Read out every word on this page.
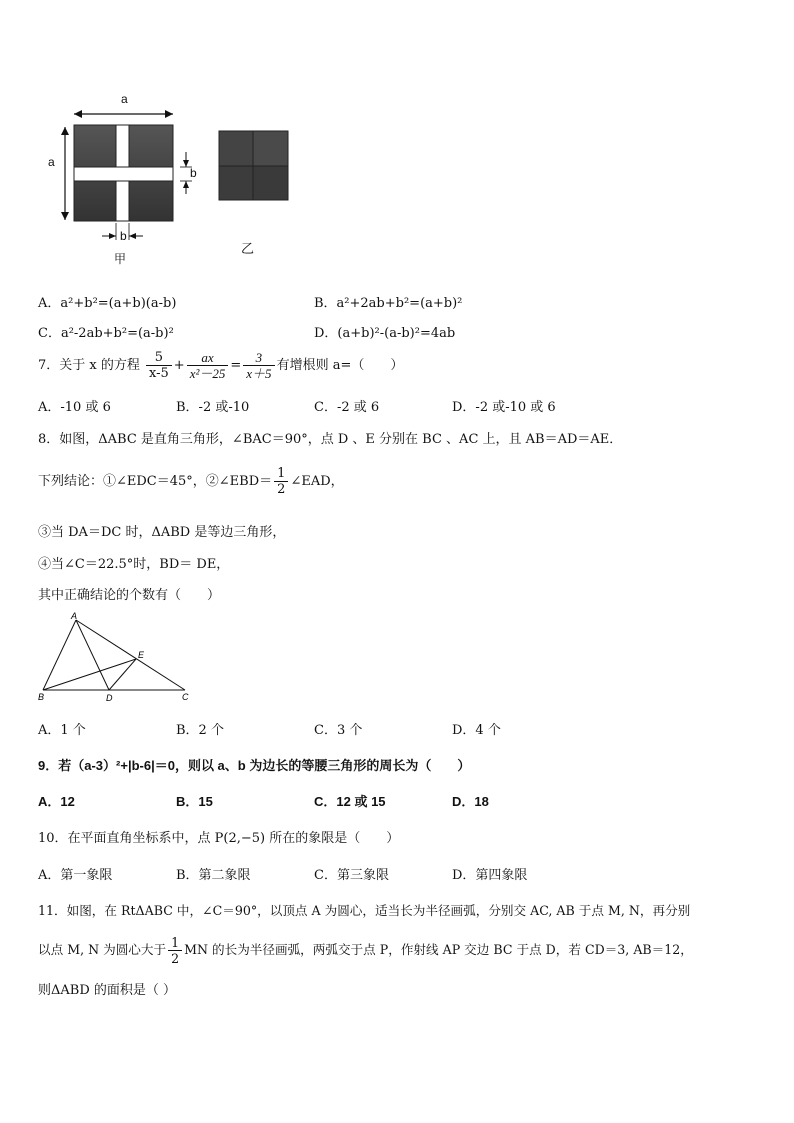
a
a
b
b
甲
乙
A．a²+b²=(a+b)(a-b)	B．a²+2ab+b²=(a+b)²
C．a²-2ab+b²=(a-b)²	D．(a+b)²-(a-b)²=4ab
7．关于 x 的方程 $\frac{5}{x-5} + \frac{ax}{\text{x²－25}} = \frac{3}{x+5}$ 有增根则 a=（　　）
A．-10 或 6	B．-2 或-10	C．-2 或 6	D．-2 或-10 或 6
8．如图，ΔABC 是直角三角形，∠BAC＝90°，点 D 、E 分别在 BC 、AC 上，且 AB＝AD＝AE．
下列结论：①∠EDC＝45°，②∠EBD＝ $\frac{1}{2}$ ∠EAD，
③当 DA＝DC 时，ΔABD 是等边三角形，
④当∠C＝22.5°时，BD＝ DE，
其中正确结论的个数有（　　）
A
B	C
D
E
A．1 个	B．2 个	C．3 个	D．4 个
9．若（a-3）²+|b-6|＝0，则以 a、b 为边长的等腰三角形的周长为（　　）
A．12	B．15	C．12 或 15	D．18
10．在平面直角坐标系中，点 P(2,−5) 所在的象限是（　　）
A．第一象限	B．第二象限	C．第三象限	D．第四象限
11．如图，在 RtΔABC 中，∠C＝90°，以顶点 A 为圆心，适当长为半径画弧，分别交 AC, AB 于点 M, N，再分别
以点 M, N 为圆心大于 $\frac{1}{2}$ MN 的长为半径画弧，两弧交于点 P，作射线 AP 交边 BC 于点 D，若 CD＝3, AB＝12，
则ΔABD 的面积是（ ）
